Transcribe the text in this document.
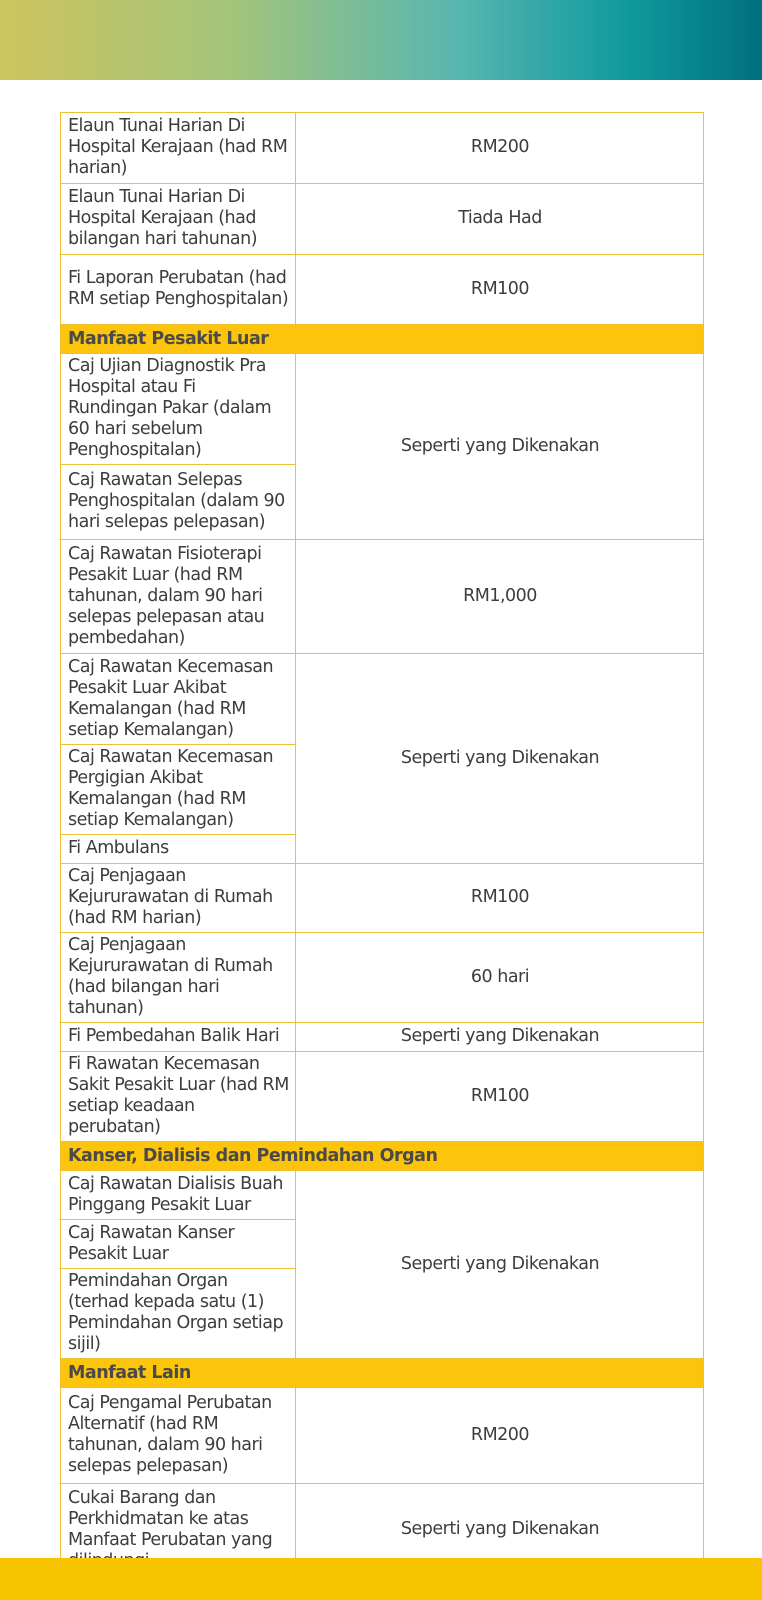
Elaun Tunai Harian Di Hospital Kerajaan (had RM harian)	RM200
Elaun Tunai Harian Di Hospital Kerajaan (had bilangan hari tahunan)	Tiada Had
Fi Laporan Perubatan (had RM setiap Penghospitalan)	RM100
Manfaat Pesakit Luar	
Caj Ujian Diagnostik Pra Hospital atau Fi Rundingan Pakar (dalam 60 hari sebelum Penghospitalan)	Seperti yang Dikenakan
Caj Rawatan Selepas Penghospitalan (dalam 90 hari selepas pelepasan)	
Caj Rawatan Fisioterapi Pesakit Luar (had RM tahunan, dalam 90 hari selepas pelepasan atau pembedahan)	RM1,000
Caj Rawatan Kecemasan Pesakit Luar Akibat Kemalangan (had RM setiap Kemalangan)	Seperti yang Dikenakan
Caj Rawatan Kecemasan Pergigian Akibat Kemalangan (had RM setiap Kemalangan)	
Fi Ambulans	
Caj Penjagaan Kejururawatan di Rumah (had RM harian)	RM100
Caj Penjagaan Kejururawatan di Rumah (had bilangan hari tahunan)	60 hari
Fi Pembedahan Balik Hari	Seperti yang Dikenakan
Fi Rawatan Kecemasan Sakit Pesakit Luar (had RM setiap keadaan perubatan)	RM100
Kanser, Dialisis dan Pemindahan Organ	
Caj Rawatan Dialisis Buah Pinggang Pesakit Luar	Seperti yang Dikenakan
Caj Rawatan Kanser Pesakit Luar	
Pemindahan Organ (terhad kepada satu (1) Pemindahan Organ setiap sijil)	
Manfaat Lain	
Caj Pengamal Perubatan Alternatif (had RM tahunan, dalam 90 hari selepas pelepasan)	RM200
Cukai Barang dan Perkhidmatan ke atas Manfaat Perubatan yang	Seperti yang Dikenakan
